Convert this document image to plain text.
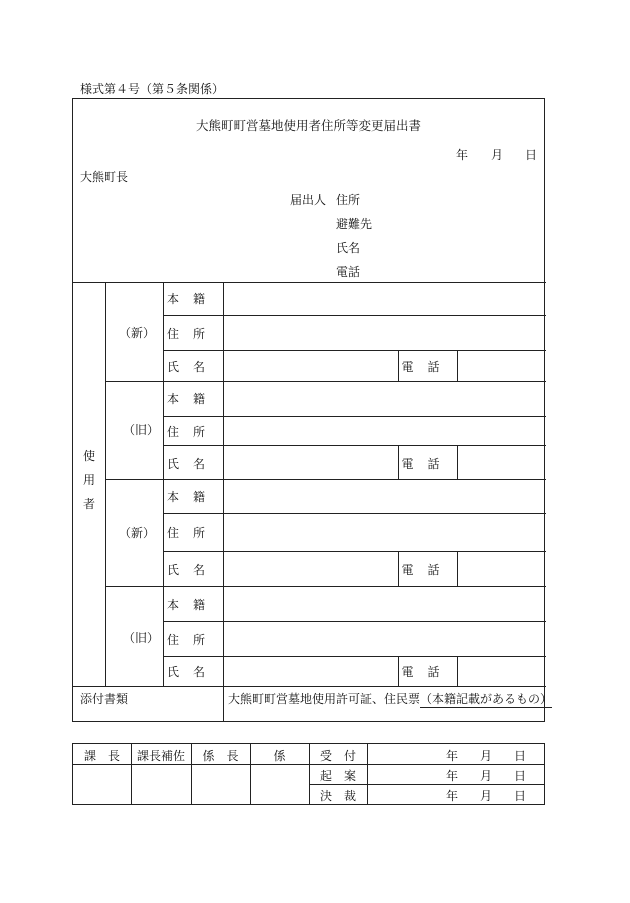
様式第４号（第５条関係）
大熊町町営墓地使用者住所等変更届出書
年 月 日
大熊町長
届出人 住所
避難先
氏名
電話
使
用
者
（新）
本籍
住所
氏名	電話
（旧）
本籍
住所
氏名	電話
（新）
本籍
住所
氏名	電話
（旧）
本籍
住所
氏名	電話
添付書類	大熊町町営墓地使用許可証、住民票（本籍記載があるもの）
課　長	課長補佐	係　長	係	受　付	年 月 日
起　案	年 月 日
決　裁	年 月 日
